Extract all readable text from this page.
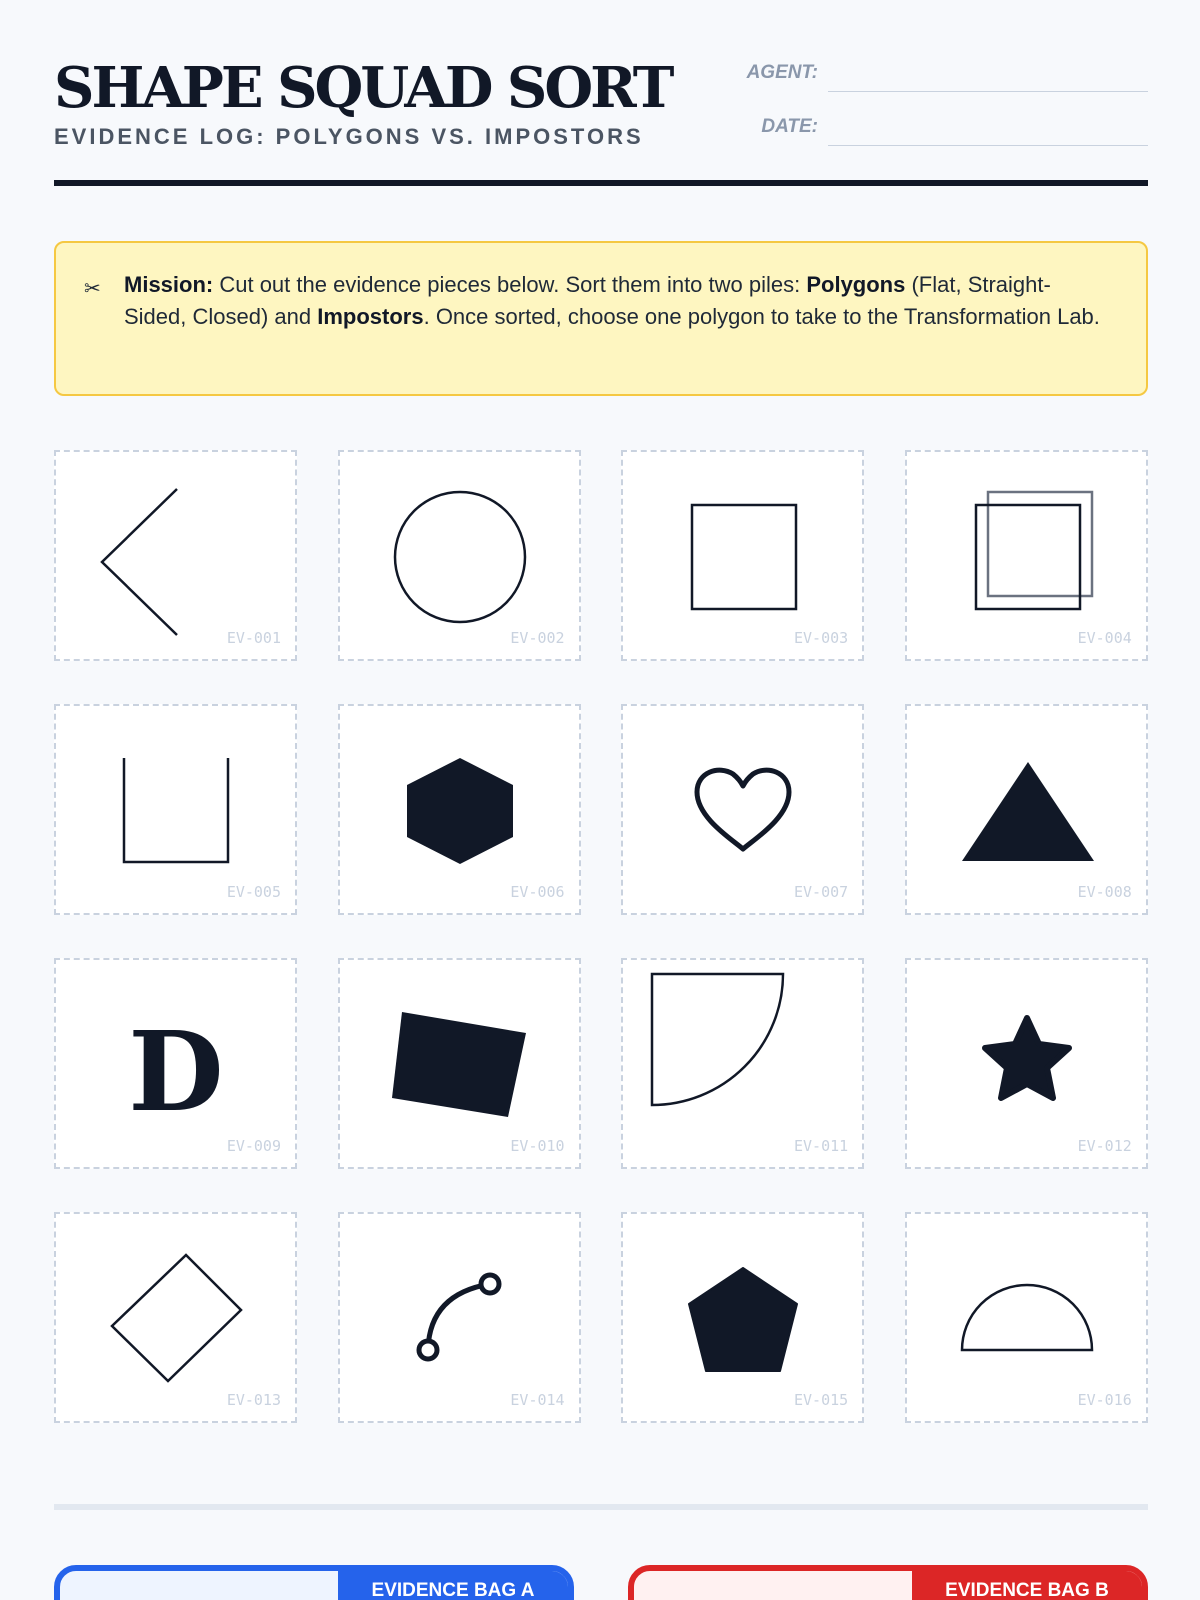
SHAPE SQUAD SORT
EVIDENCE LOG: POLYGONS VS. IMPOSTORS
AGENT:
DATE:
✂ Mission: Cut out the evidence pieces below. Sort them into two piles: Polygons (Flat, Straight-Sided, Closed) and Impostors. Once sorted, choose one polygon to take to the Transformation Lab.
EV-001	EV-002	EV-003	EV-004
EV-005	EV-006	EV-007	EV-008
D
EV-009	EV-010	EV-011	EV-012
EV-013	EV-014	EV-015	EV-016
EVIDENCE BAG A	EVIDENCE BAG B
